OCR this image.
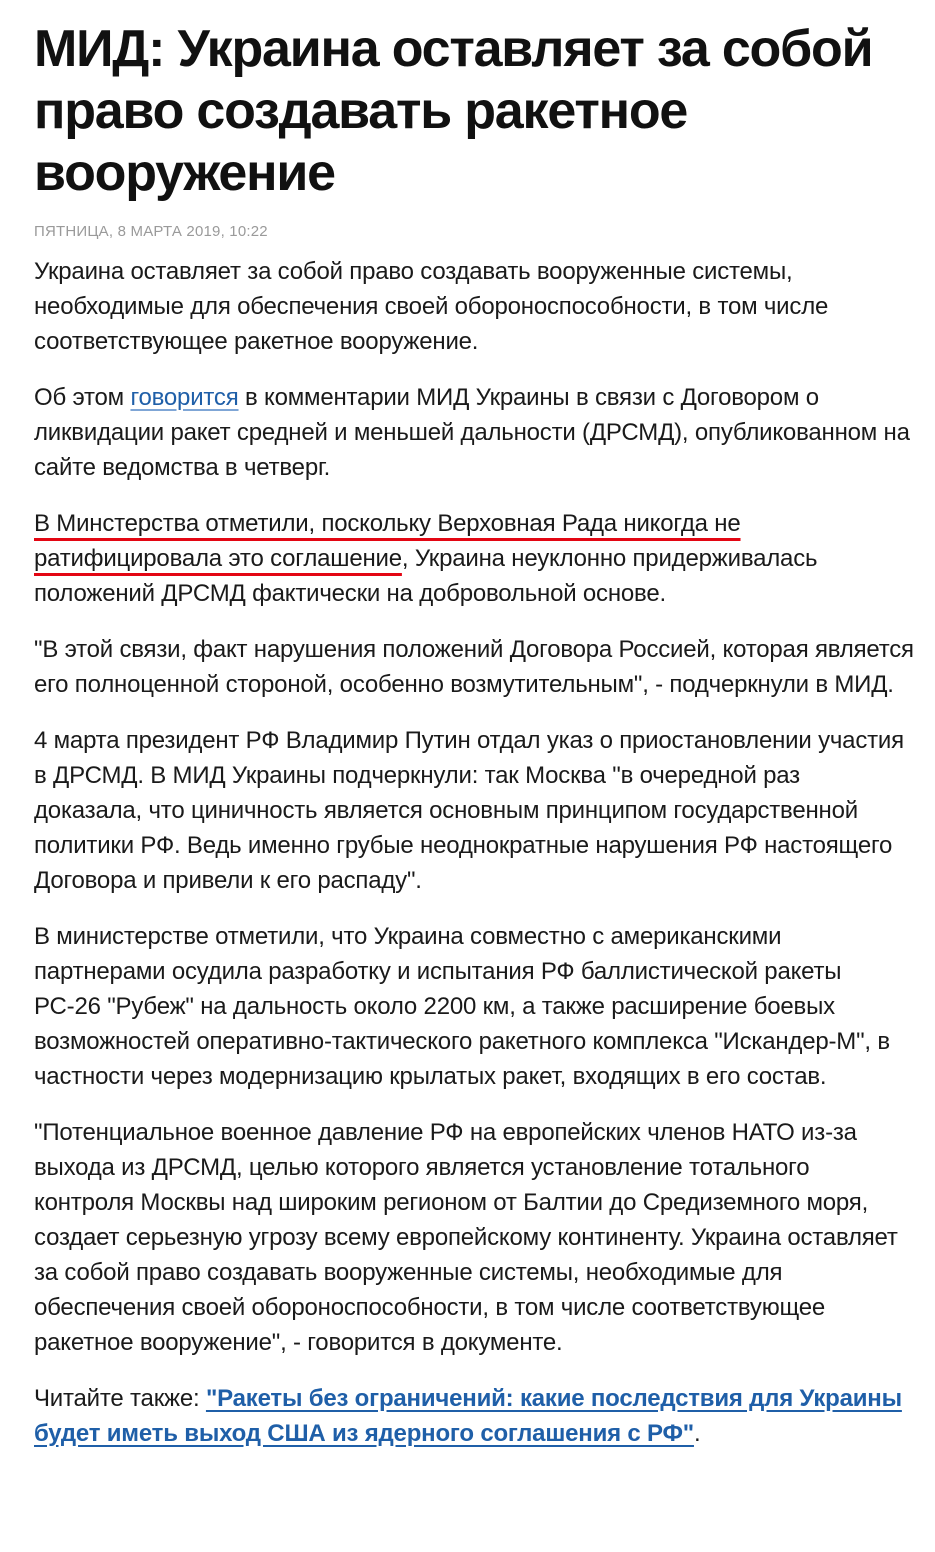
МИД: Украина оставляет за собой право создавать ракетное вооружение
ПЯТНИЦА, 8 МАРТА 2019, 10:22

Украина оставляет за собой право создавать вооруженные системы, необходимые для обеспечения своей обороноспособности, в том числе соответствующее ракетное вооружение.

Об этом говорится в комментарии МИД Украины в связи с Договором о ликвидации ракет средней и меньшей дальности (ДРСМД), опубликованном на сайте ведомства в четверг.

В Минстерства отметили, поскольку Верховная Рада никогда не ратифицировала это соглашение, Украина неуклонно придерживалась положений ДРСМД фактически на добровольной основе.

"В этой связи, факт нарушения положений Договора Россией, которая является его полноценной стороной, особенно возмутительным", - подчеркнули в МИД.

4 марта президент РФ Владимир Путин отдал указ о приостановлении участия в ДРСМД. В МИД Украины подчеркнули: так Москва "в очередной раз доказала, что циничность является основным принципом государственной политики РФ. Ведь именно грубые неоднократные нарушения РФ настоящего Договора и привели к его распаду".

В министерстве отметили, что Украина совместно с американскими партнерами осудила разработку и испытания РФ баллистической ракеты РС-26 "Рубеж" на дальность около 2200 км, а также расширение боевых возможностей оперативно-тактического ракетного комплекса "Искандер-М", в частности через модернизацию крылатых ракет, входящих в его состав.

"Потенциальное военное давление РФ на европейских членов НАТО из-за выхода из ДРСМД, целью которого является установление тотального контроля Москвы над широким регионом от Балтии до Средиземного моря, создает серьезную угрозу всему европейскому континенту. Украина оставляет за собой право создавать вооруженные системы, необходимые для обеспечения своей обороноспособности, в том числе соответствующее ракетное вооружение", - говорится в документе.

Читайте также: "Ракеты без ограничений: какие последствия для Украины будет иметь выход США из ядерного соглашения с РФ".
